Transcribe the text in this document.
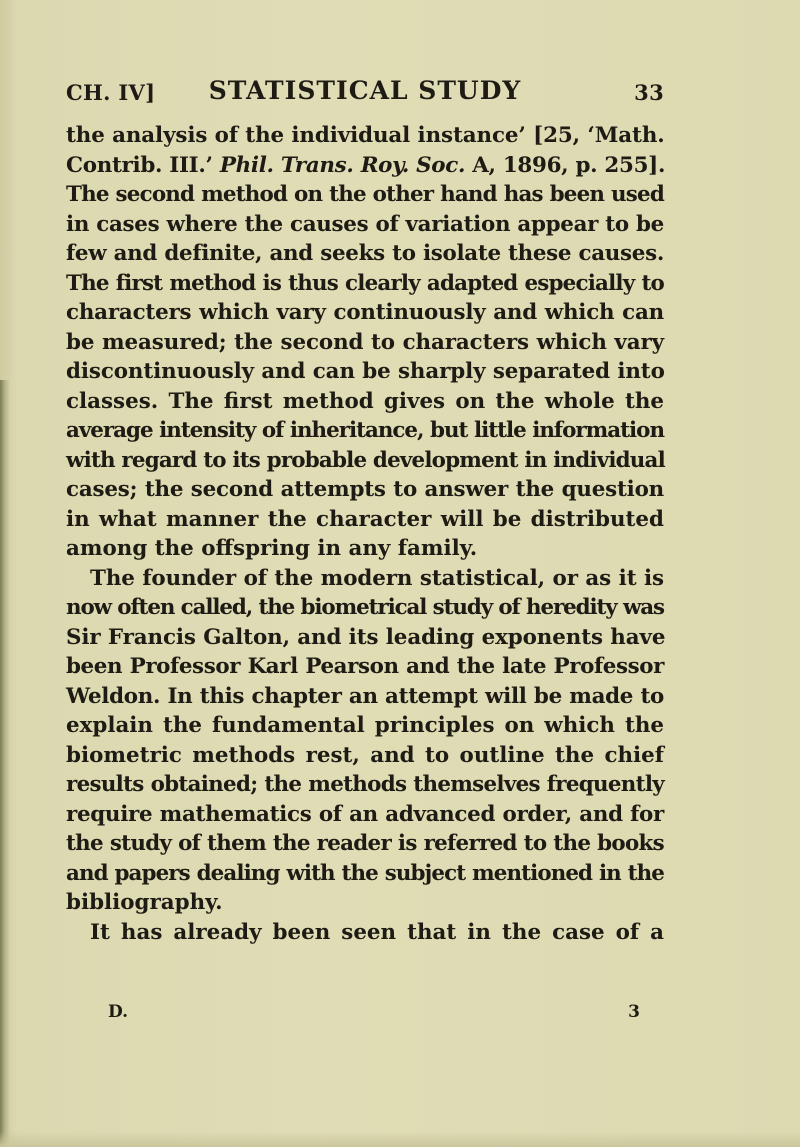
CH. IV]	STATISTICAL STUDY	33
the analysis of the individual instance’ [25, ‘Math.
Contrib. III.’ Phil. Trans. Roy. Soc. A, 1896, p. 255].
The second method on the other hand has been used
in cases where the causes of variation appear to be
few and definite, and seeks to isolate these causes.
The first method is thus clearly adapted especially to
characters which vary continuously and which can
be measured; the second to characters which vary
discontinuously and can be sharply separated into
classes. The first method gives on the whole the
average intensity of inheritance, but little information
with regard to its probable development in individual
cases; the second attempts to answer the question
in what manner the character will be distributed
among the offspring in any family.
The founder of the modern statistical, or as it is
now often called, the biometrical study of heredity was
Sir Francis Galton, and its leading exponents have
been Professor Karl Pearson and the late Professor
Weldon. In this chapter an attempt will be made to
explain the fundamental principles on which the
biometric methods rest, and to outline the chief
results obtained; the methods themselves frequently
require mathematics of an advanced order, and for
the study of them the reader is referred to the books
and papers dealing with the subject mentioned in the
bibliography.
It has already been seen that in the case of a
D.	3
